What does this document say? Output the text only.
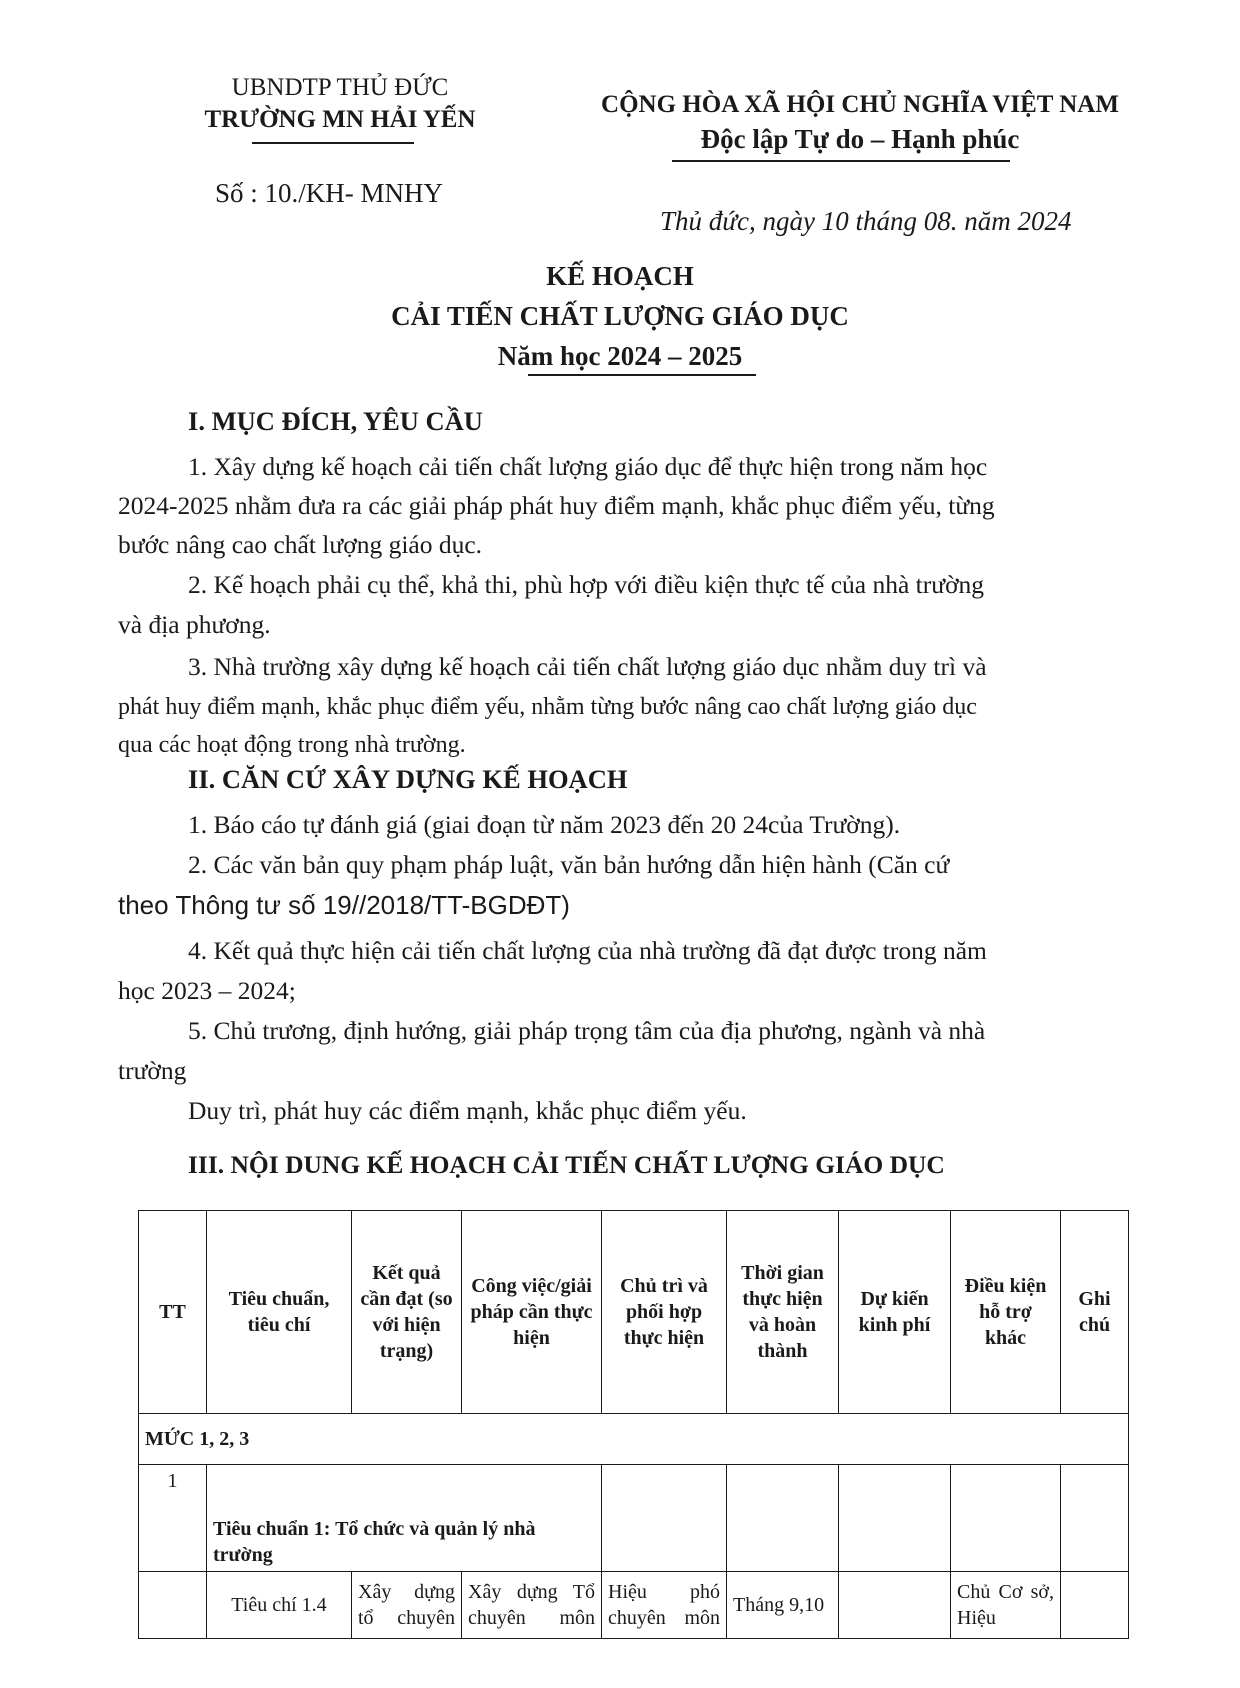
UBNDTP THỦ ĐỨC
TRƯỜNG MN HẢI YẾN
Số : 10./KH- MNHY
CỘNG HÒA XÃ HỘI CHỦ NGHĨA VIỆT NAM
Độc lập Tự do – Hạnh phúc
Thủ đức, ngày 10 tháng 08. năm 2024
KẾ HOẠCH
CẢI TIẾN CHẤT LƯỢNG GIÁO DỤC
Năm học 2024 – 2025
I. MỤC ĐÍCH, YÊU CẦU
1. Xây dựng kế hoạch cải tiến chất lượng giáo dục để thực hiện trong năm học
2024-2025 nhằm đưa ra các giải pháp phát huy điểm mạnh, khắc phục điểm yếu, từng
bước nâng cao chất lượng giáo dục.
2. Kế hoạch phải cụ thể, khả thi, phù hợp với điều kiện thực tế của nhà trường
và địa phương.
3. Nhà trường xây dựng kế hoạch cải tiến chất lượng giáo dục nhằm duy trì và
phát huy điểm mạnh, khắc phục điểm yếu, nhằm từng bước nâng cao chất lượng giáo dục
qua các hoạt động trong nhà trường.
II. CĂN CỨ XÂY DỰNG KẾ HOẠCH
1. Báo cáo tự đánh giá (giai đoạn từ năm 2023 đến 20 24của Trường).
2. Các văn bản quy phạm pháp luật, văn bản hướng dẫn hiện hành (Căn cứ
theo Thông tư số 19//2018/TT-BGDĐT)
4. Kết quả thực hiện cải tiến chất lượng của nhà trường đã đạt được trong năm
học 2023 – 2024;
5. Chủ trương, định hướng, giải pháp trọng tâm của địa phương, ngành và nhà
trường
Duy trì, phát huy các điểm mạnh, khắc phục điểm yếu.
III. NỘI DUNG KẾ HOẠCH CẢI TIẾN CHẤT LƯỢNG GIÁO DỤC
TT	Tiêu chuẩn, tiêu chí	Kết quả cần đạt (so với hiện trạng)	Công việc/giải pháp cần thực hiện	Chủ trì và phối hợp thực hiện	Thời gian thực hiện và hoàn thành	Dự kiến kinh phí	Điều kiện hỗ trợ khác	Ghi chú
MỨC 1, 2, 3								
1	Tiêu chuẩn 1: Tổ chức và quản lý nhà trường							
	Tiêu chí 1.4	Xây dựng tổ chuyên	Xây dựng Tổ chuyên môn	Hiệu phó chuyên môn	Tháng 9,10		Chủ Cơ sở, Hiệu	
